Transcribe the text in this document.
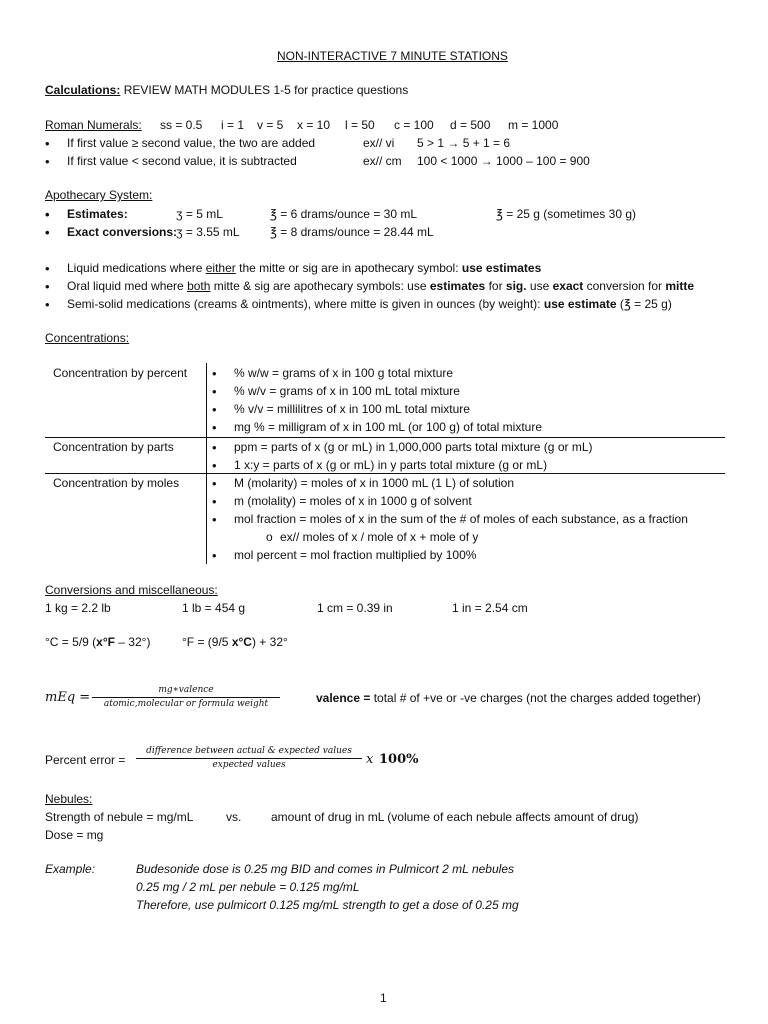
NON-INTERACTIVE 7 MINUTE STATIONS
Calculations: REVIEW MATH MODULES 1-5 for practice questions
Roman Numerals: ss = 0.5 i = 1 v = 5 x = 10 l = 50 c = 100 d = 500 m = 1000
• If first value ≥ second value, the two are added	ex// vi 5 > 1 → 5 + 1 = 6
• If first value < second value, it is subtracted	ex// cm 100 < 1000 → 1000 – 100 = 900
Apothecary System:
• Estimates:	ʒ = 5 mL	℥ = 6 drams/ounce = 30 mL	℥ = 25 g (sometimes 30 g)
• Exact conversions:
ʒ = 3.55 mL	℥ = 8 drams/ounce = 28.44 mL
• Liquid medications where either the mitte or sig are in apothecary symbol: use estimates
• Oral liquid med where both mitte & sig are apothecary symbols: use estimates for sig. use exact conversion for mitte
• Semi-solid medications (creams & ointments), where mitte is given in ounces (by weight): use estimate (℥ = 25 g)
Concentrations:
Concentration by percent	• % w/w = grams of x in 100 g total mixture
• % w/v = grams of x in 100 mL total mixture
• % v/v = millilitres of x in 100 mL total mixture
• mg % = milligram of x in 100 mL (or 100 g) of total mixture
Concentration by parts	• ppm = parts of x (g or mL) in 1,000,000 parts total mixture (g or mL)
• 1 x:y = parts of x (g or mL) in y parts total mixture (g or mL)
Concentration by moles	• M (molarity) = moles of x in 1000 mL (1 L) of solution
• m (molality) = moles of x in 1000 g of solvent
• mol fraction = moles of x in the sum of the # of moles of each substance, as a fraction
o ex// moles of x / mole of x + mole of y
• mol percent = mol fraction multiplied by 100%
Conversions and miscellaneous:
1 kg = 2.2 lb	1 lb = 454 g	1 cm = 0.39 in	1 in = 2.54 cm
°C = 5/9 (x°F – 32°)	°F = (9/5 x°C) + 32°
mEq =	mg∗valence
atomic,molecular or formula weight	valence = total # of +ve or -ve charges (not the charges added together)
Percent error =
difference between actual & expected values
expected values	x 100%
Nebules:
Strength of nebule = mg/mL	vs. amount of drug in mL (volume of each nebule affects amount of drug)
Dose = mg
Example:	Budesonide dose is 0.25 mg BID and comes in Pulmicort 2 mL nebules
0.25 mg / 2 mL per nebule = 0.125 mg/mL
Therefore, use pulmicort 0.125 mg/mL strength to get a dose of 0.25 mg
1
